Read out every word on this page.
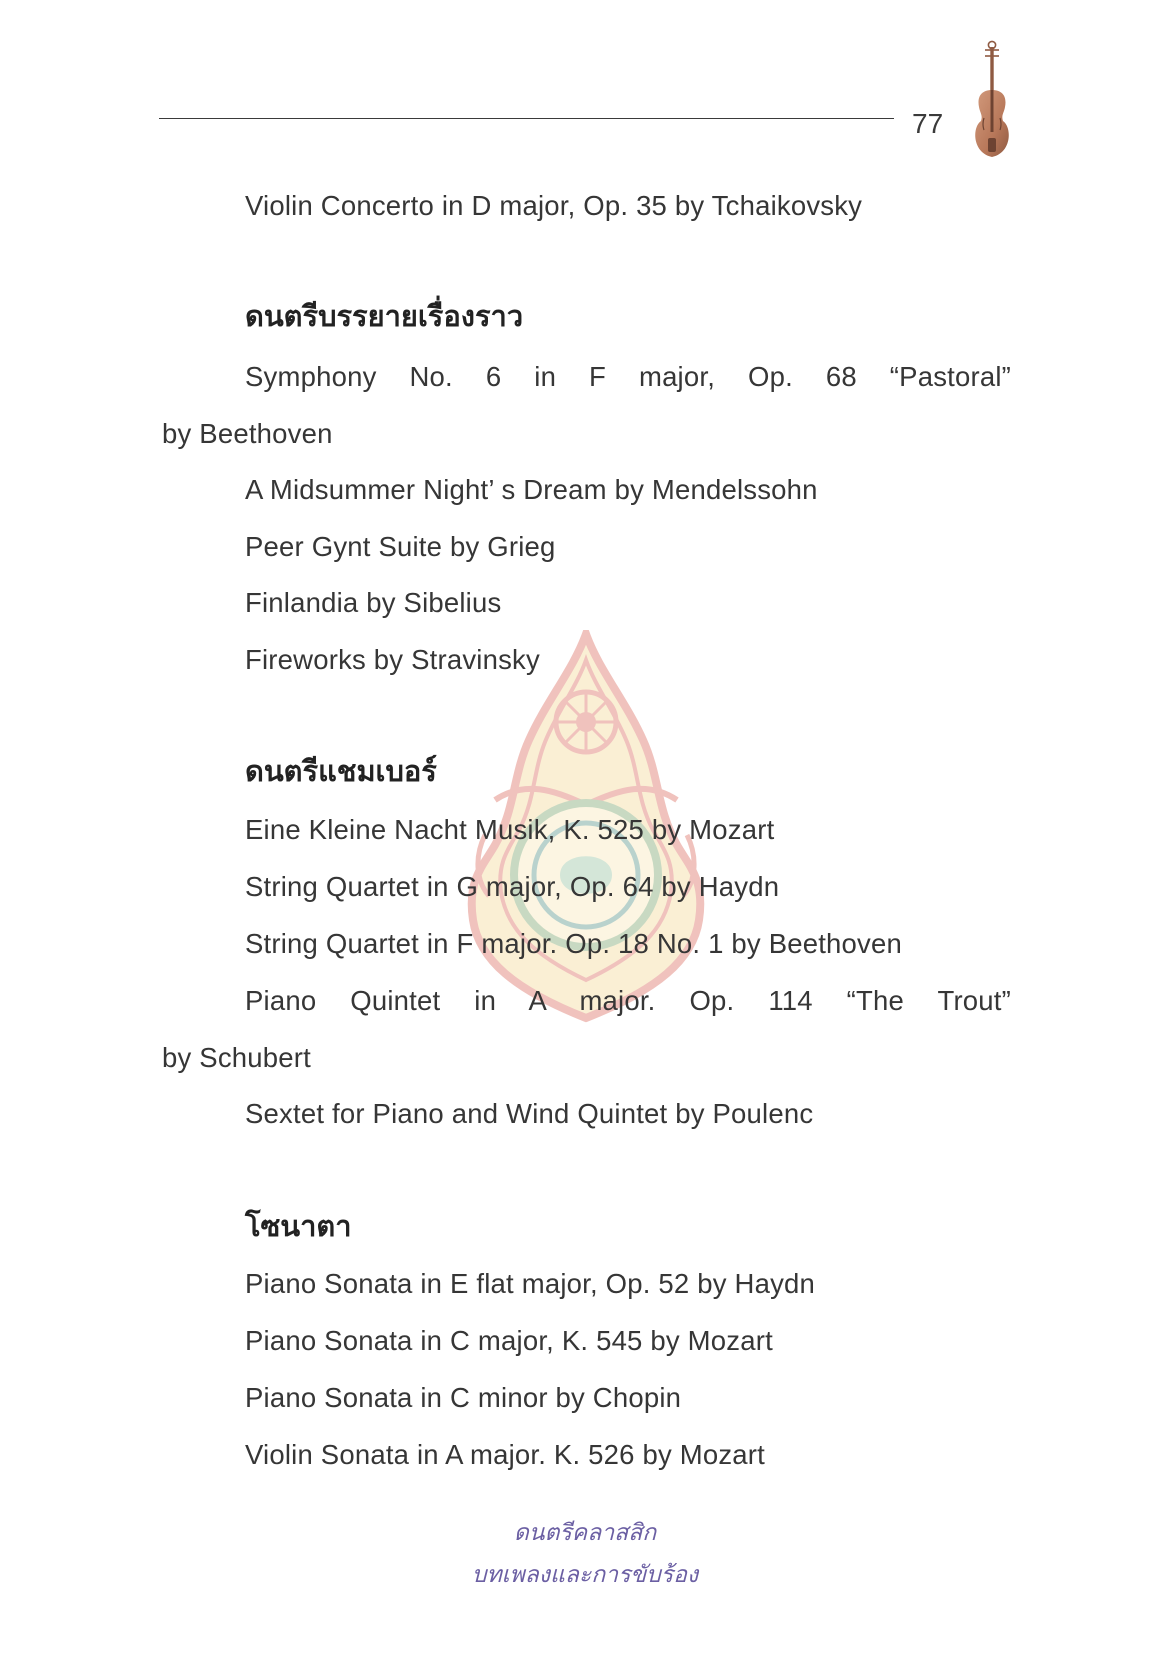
77
Violin Concerto in D major, Op. 35 by Tchaikovsky
ดนตรีบรรยายเรื่องราว
Symphony No. 6 in F major, Op. 68 “Pastoral”
by Beethoven
A Midsummer Night’ s Dream by Mendelssohn
Peer Gynt Suite by Grieg
Finlandia by Sibelius
Fireworks by Stravinsky
ดนตรีแชมเบอร์
Eine Kleine Nacht Musik, K. 525 by Mozart
String Quartet in G major, Op. 64 by Haydn
String Quartet in F major. Op. 18 No. 1 by Beethoven
Piano Quintet in A major. Op. 114 “The Trout”
by Schubert
Sextet for Piano and Wind Quintet by Poulenc
โซนาตา
Piano Sonata in E flat major, Op. 52 by Haydn
Piano Sonata in C major, K. 545 by Mozart
Piano Sonata in C minor by Chopin
Violin Sonata in A major. K. 526 by Mozart
ดนตรีคลาสสิก
บทเพลงและการขับร้อง
